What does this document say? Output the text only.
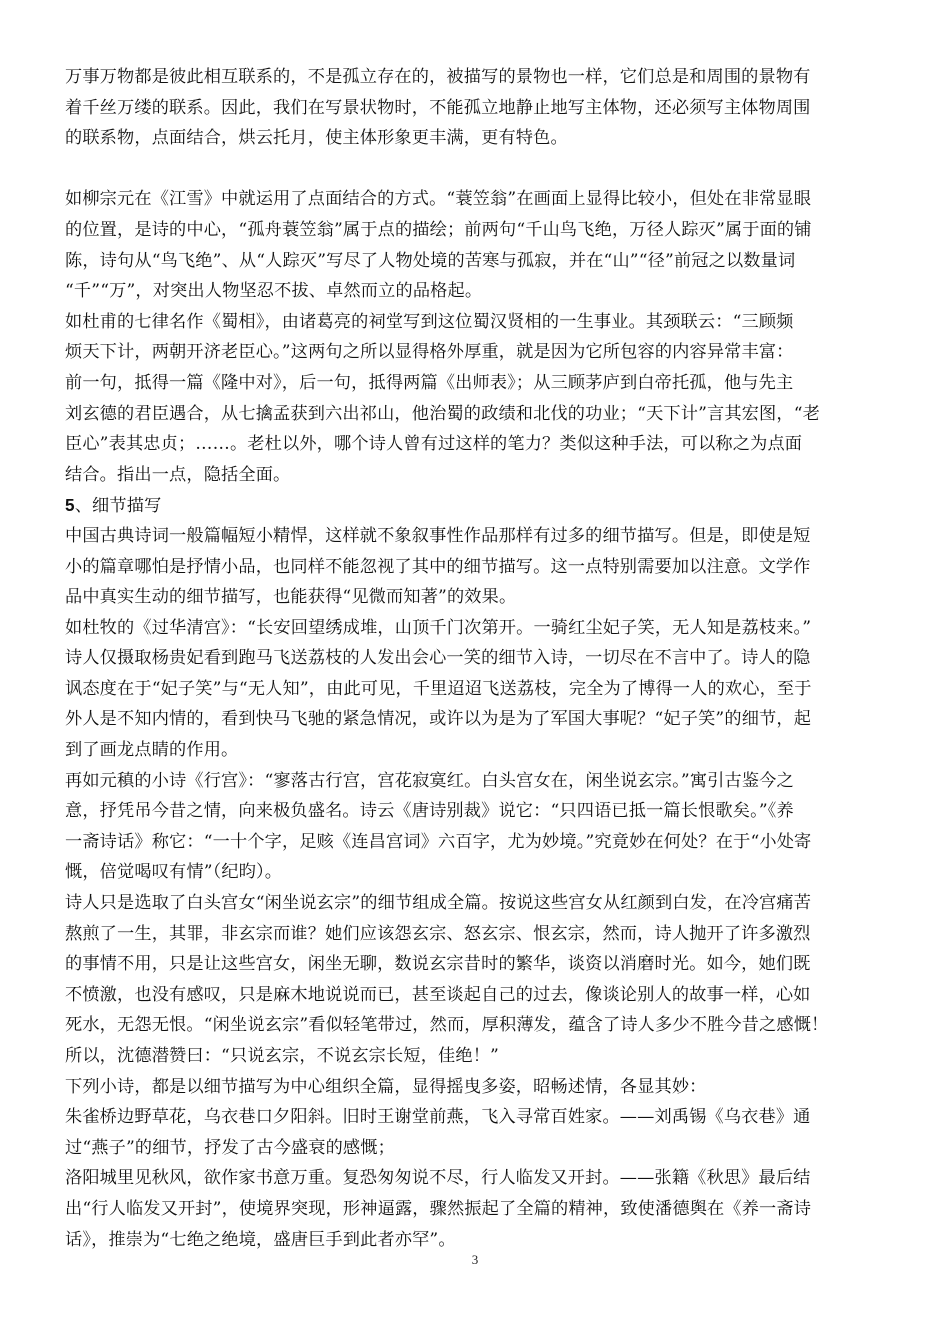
万事万物都是彼此相互联系的，不是孤立存在的，被描写的景物也一样，它们总是和周围的景物有
着千丝万缕的联系。因此，我们在写景状物时，不能孤立地静止地写主体物，还必须写主体物周围
的联系物，点面结合，烘云托月，使主体形象更丰满，更有特色。
如柳宗元在《江雪》中就运用了点面结合的方式。“蓑笠翁”在画面上显得比较小，但处在非常显眼
的位置，是诗的中心，“孤舟蓑笠翁”属于点的描绘；前两句“千山鸟飞绝，万径人踪灭”属于面的铺
陈，诗句从“鸟飞绝”、从“人踪灭”写尽了人物处境的苦寒与孤寂，并在“山”“径”前冠之以数量词
“千”“万”，对突出人物坚忍不拔、卓然而立的品格起。
如杜甫的七律名作《蜀相》，由诸葛亮的祠堂写到这位蜀汉贤相的一生事业。其颈联云：“三顾频
烦天下计，两朝开济老臣心。”这两句之所以显得格外厚重，就是因为它所包容的内容异常丰富：
前一句，抵得一篇《隆中对》，后一句，抵得两篇《出师表》；从三顾茅庐到白帝托孤，他与先主
刘玄德的君臣遇合，从七擒孟获到六出祁山，他治蜀的政绩和北伐的功业；“天下计”言其宏图，“老
臣心”表其忠贞；……。老杜以外，哪个诗人曾有过这样的笔力？类似这种手法，可以称之为点面
结合。指出一点，隐括全面。
5、细节描写
中国古典诗词一般篇幅短小精悍，这样就不象叙事性作品那样有过多的细节描写。但是，即使是短
小的篇章哪怕是抒情小品，也同样不能忽视了其中的细节描写。这一点特别需要加以注意。文学作
品中真实生动的细节描写，也能获得“见微而知著”的效果。
如杜牧的《过华清宫》：“长安回望绣成堆，山顶千门次第开。一骑红尘妃子笑，无人知是荔枝来。”
诗人仅摄取杨贵妃看到跑马飞送荔枝的人发出会心一笑的细节入诗，一切尽在不言中了。诗人的隐
讽态度在于“妃子笑”与“无人知”，由此可见，千里迢迢飞送荔枝，完全为了博得一人的欢心，至于
外人是不知内情的，看到快马飞驰的紧急情况，或许以为是为了军国大事呢？“妃子笑”的细节，起
到了画龙点睛的作用。
再如元稹的小诗《行宫》：“寥落古行宫，宫花寂寞红。白头宫女在，闲坐说玄宗。”寓引古鉴今之
意，抒凭吊今昔之情，向来极负盛名。诗云《唐诗别裁》说它：“只四语已抵一篇长恨歌矣。”《养
一斋诗话》称它：“一十个字，足赅《连昌宫词》六百字，尤为妙境。”究竟妙在何处？在于“小处寄
慨，倍觉喝叹有情”（纪昀）。
诗人只是选取了白头宫女“闲坐说玄宗”的细节组成全篇。按说这些宫女从红颜到白发，在冷宫痛苦
熬煎了一生，其罪，非玄宗而谁？她们应该怨玄宗、怒玄宗、恨玄宗，然而，诗人抛开了许多激烈
的事情不用，只是让这些宫女，闲坐无聊，数说玄宗昔时的繁华，谈资以消磨时光。如今，她们既
不愤激，也没有感叹，只是麻木地说说而已，甚至谈起自己的过去，像谈论别人的故事一样，心如
死水，无怨无恨。“闲坐说玄宗”看似轻笔带过，然而，厚积薄发，蕴含了诗人多少不胜今昔之感慨！
所以，沈德潜赞曰：“只说玄宗，不说玄宗长短，佳绝！”
下列小诗，都是以细节描写为中心组织全篇，显得摇曳多姿，昭畅述情，各显其妙：
朱雀桥边野草花，乌衣巷口夕阳斜。旧时王谢堂前燕，飞入寻常百姓家。——刘禹锡《乌衣巷》通
过“燕子”的细节，抒发了古今盛衰的感慨；
洛阳城里见秋风，欲作家书意万重。复恐匆匆说不尽，行人临发又开封。——张籍《秋思》最后结
出“行人临发又开封”，使境界突现，形神逼露，骤然振起了全篇的精神，致使潘德舆在《养一斋诗
话》，推崇为“七绝之绝境，盛唐巨手到此者亦罕”。
3
